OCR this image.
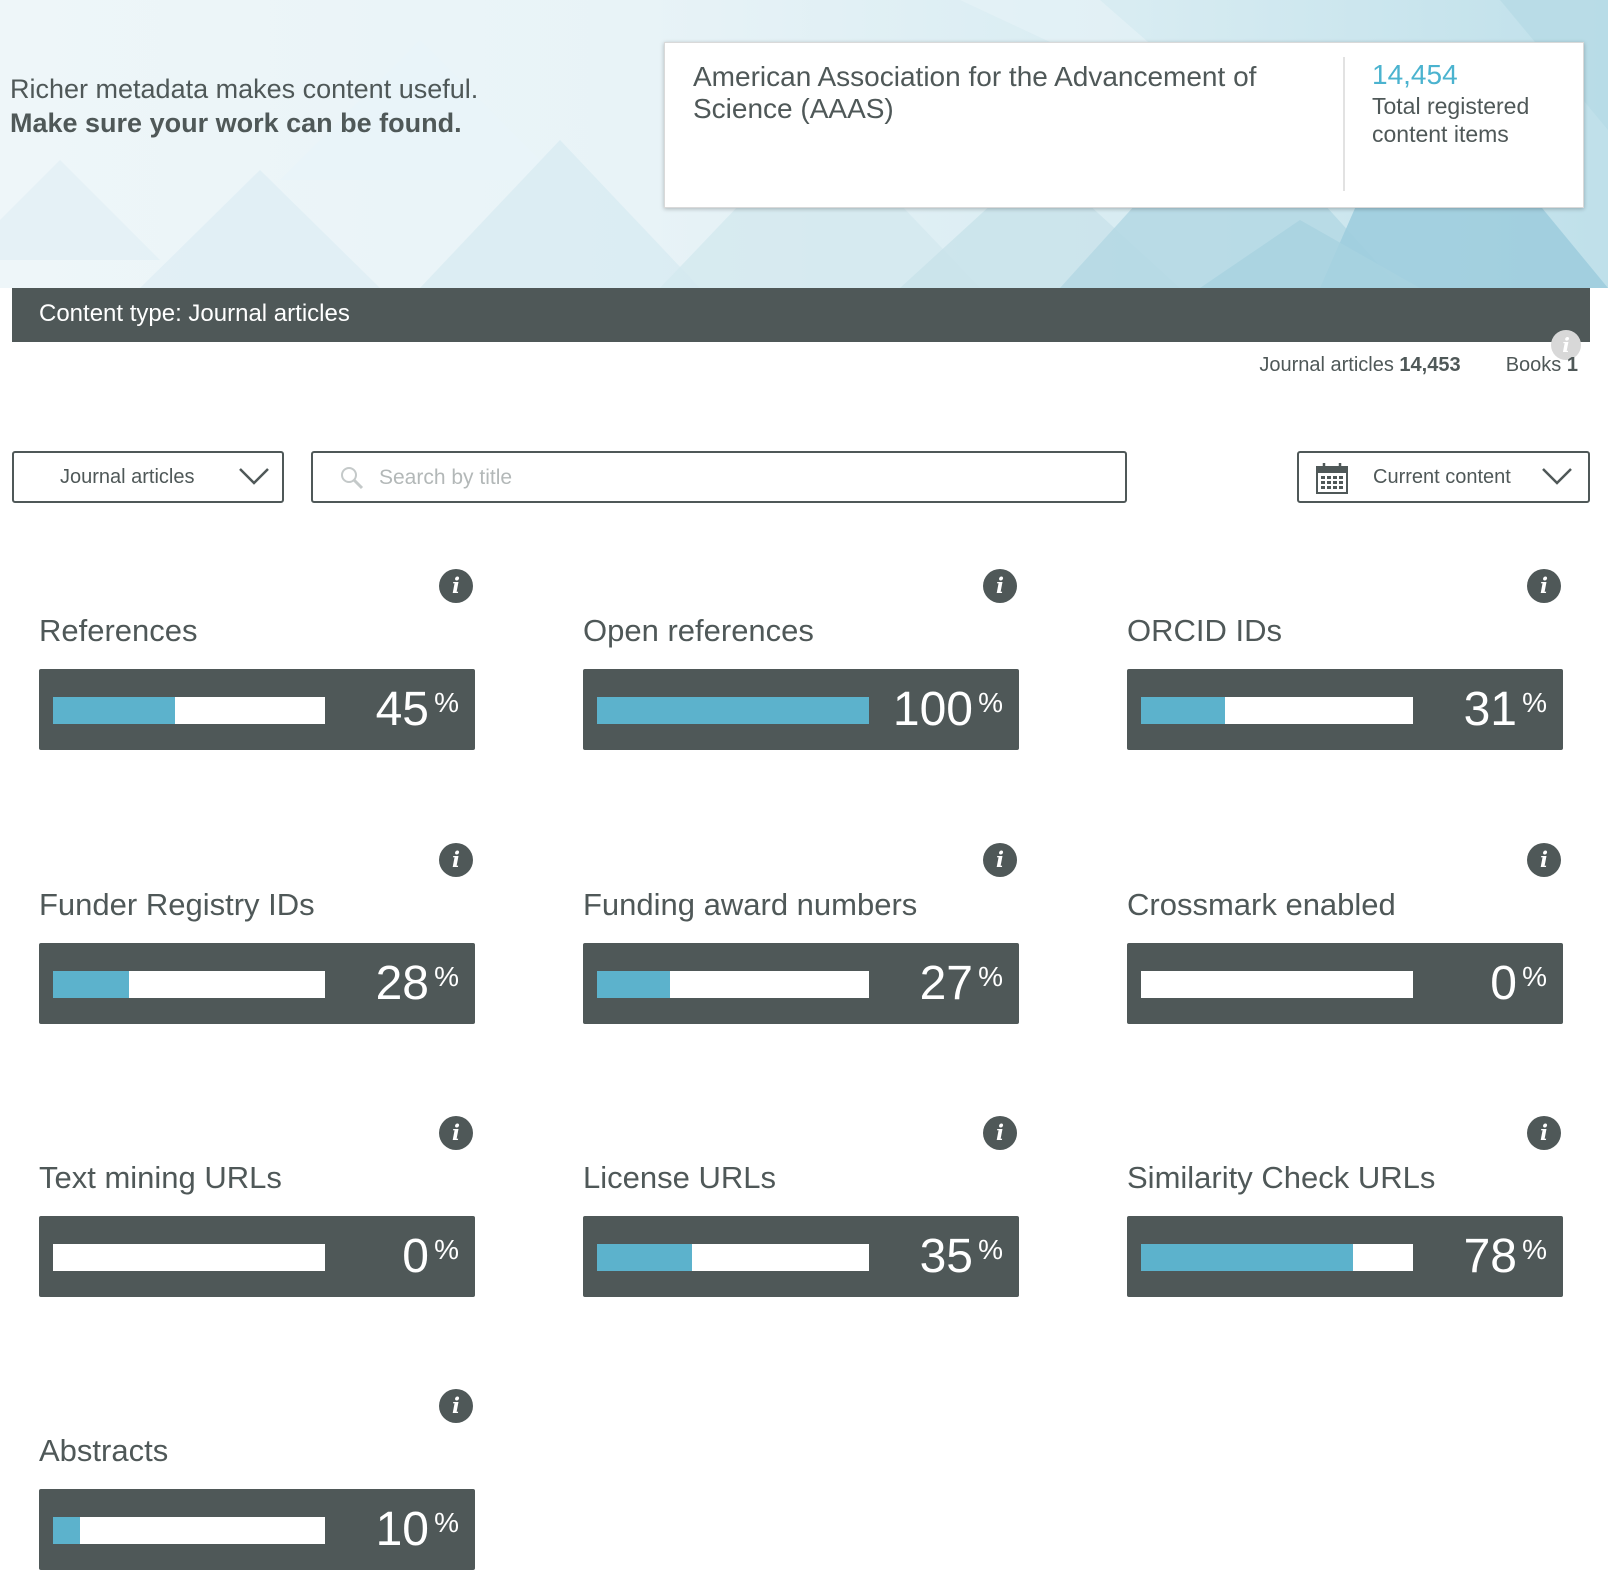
Richer metadata makes content useful.
Make sure your work can be found.
American Association for the Advancement of Science (AAAS)
14,454
Total registered content items
Content type: Journal articles
i
Journal articles 14,453 Books 1
Journal articles
Search by title	Current content
i
References
45 %
i
Open references
100 %
i
ORCID IDs
31 %
i
Funder Registry IDs
28 %
i
Funding award numbers
27 %
i
Crossmark enabled
0 %
i
Text mining URLs
0 %
i
License URLs
35 %
i
Similarity Check URLs
78 %
i
Abstracts
10 %
